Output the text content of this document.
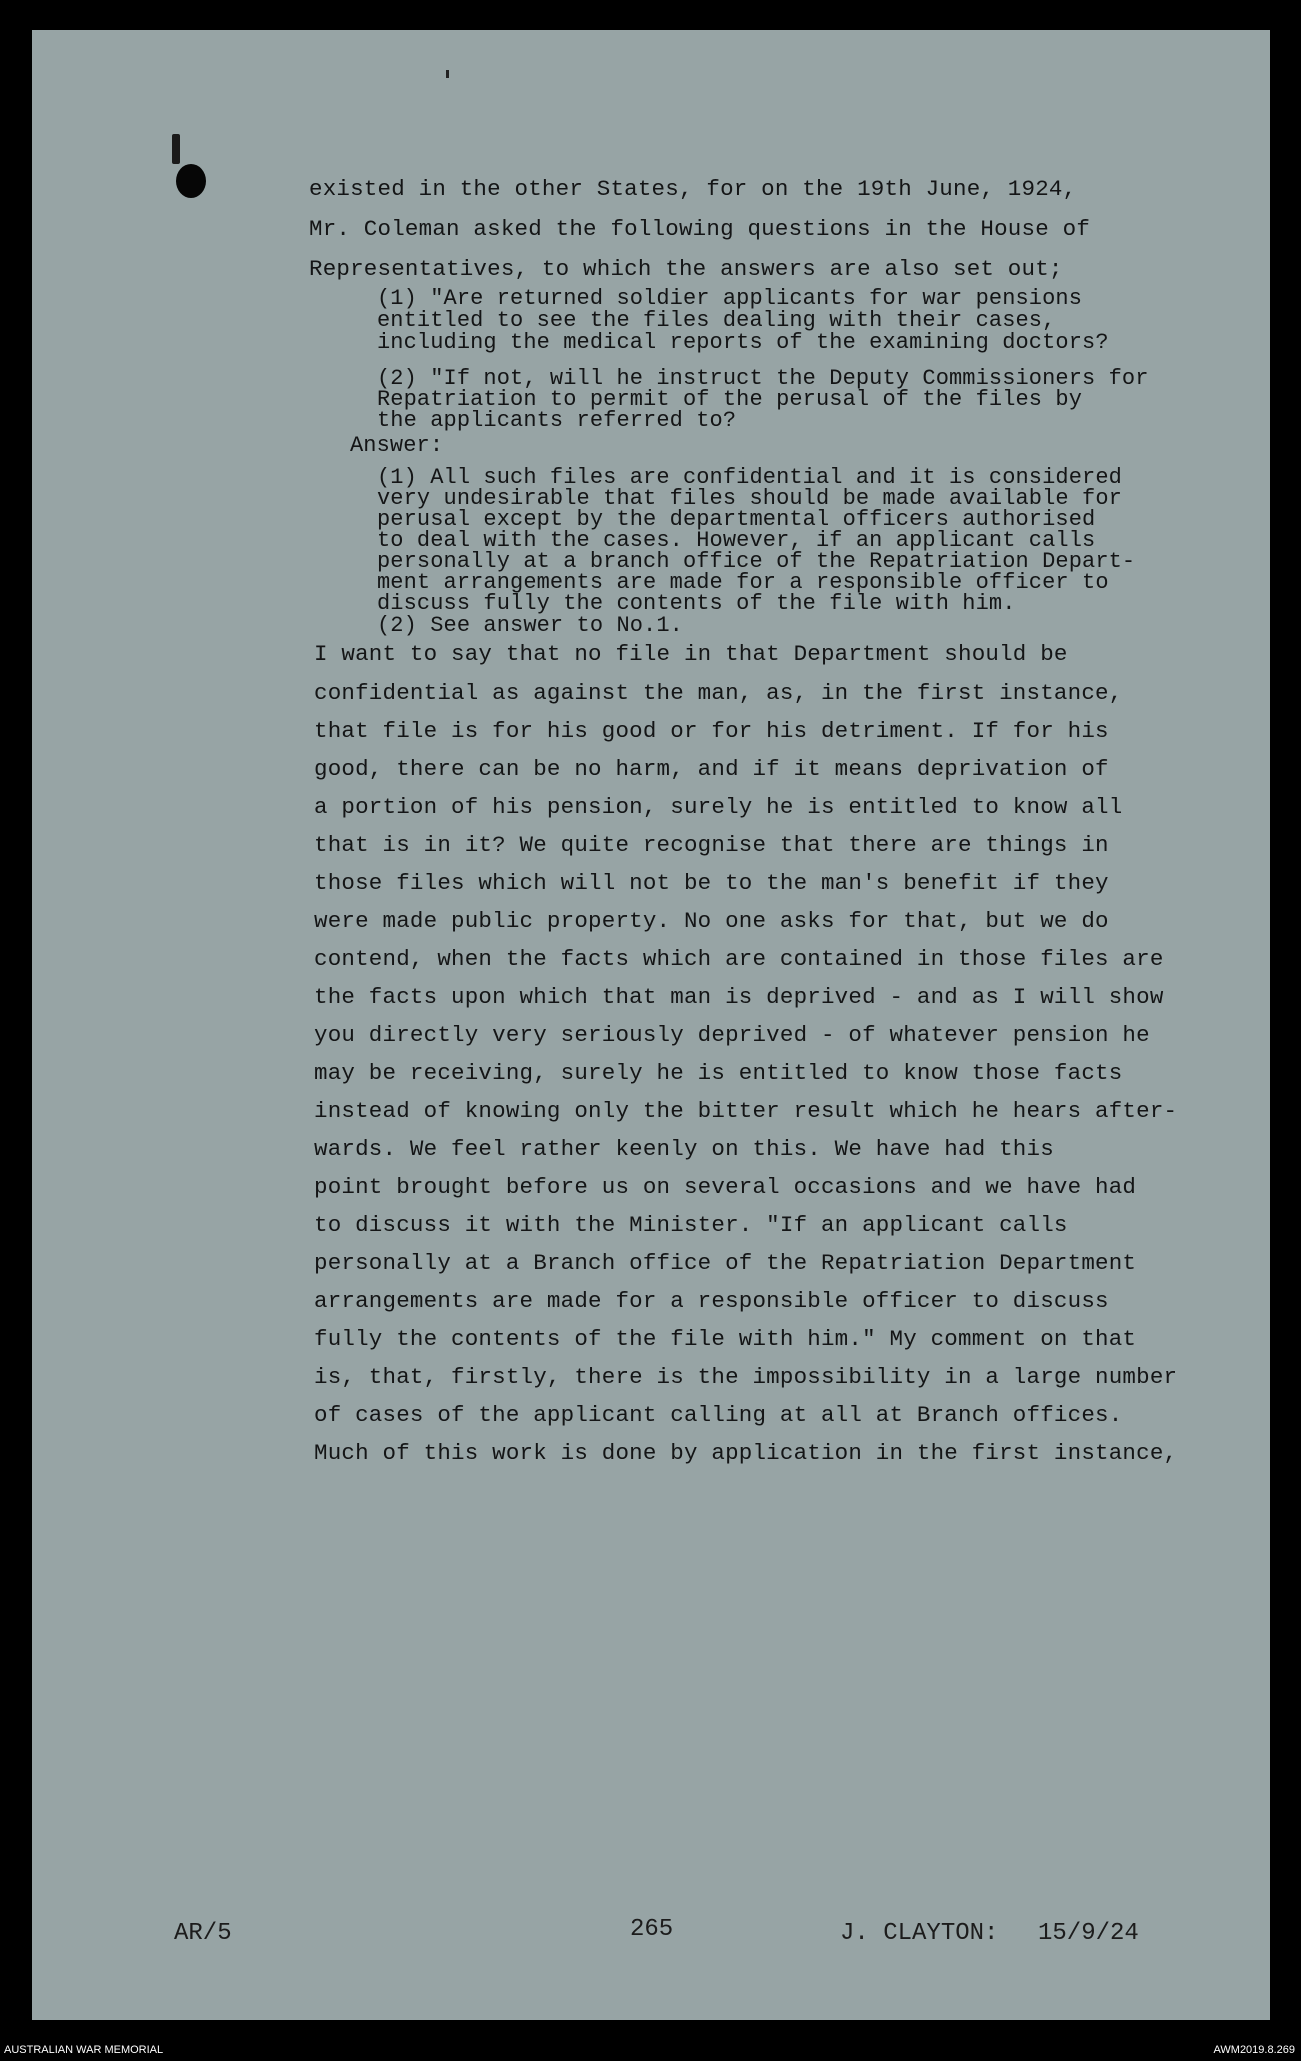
existed in the other States, for on the 19th June, 1924,
Mr. Coleman asked the following questions in the House of
Representatives, to which the answers are also set out;
(1) "Are returned soldier applicants for war pensions
entitled to see the files dealing with their cases,
including the medical reports of the examining doctors?
(2) "If not, will he instruct the Deputy Commissioners for
Repatriation to permit of the perusal of the files by
the applicants referred to?
Answer:
(1) All such files are confidential and it is considered
very undesirable that files should be made available for
perusal except by the departmental officers authorised
to deal with the cases. However, if an applicant calls
personally at a branch office of the Repatriation Depart-
ment arrangements are made for a responsible officer to
discuss fully the contents of the file with him.
(2) See answer to No.1.
I want to say that no file in that Department should be
confidential as against the man, as, in the first instance,
that file is for his good or for his detriment. If for his
good, there can be no harm, and if it means deprivation of
a portion of his pension, surely he is entitled to know all
that is in it? We quite recognise that there are things in
those files which will not be to the man's benefit if they
were made public property. No one asks for that, but we do
contend, when the facts which are contained in those files are
the facts upon which that man is deprived - and as I will show
you directly very seriously deprived - of whatever pension he
may be receiving, surely he is entitled to know those facts
instead of knowing only the bitter result which he hears after-
wards. We feel rather keenly on this. We have had this
point brought before us on several occasions and we have had
to discuss it with the Minister. "If an applicant calls
personally at a Branch office of the Repatriation Department
arrangements are made for a responsible officer to discuss
fully the contents of the file with him." My comment on that
is, that, firstly, there is the impossibility in a large number
of cases of the applicant calling at all at Branch offices.
Much of this work is done by application in the first instance,
AR/5	265	J. CLAYTON: 15/9/24
AUSTRALIAN WAR MEMORIAL	AWM2019.8.269
